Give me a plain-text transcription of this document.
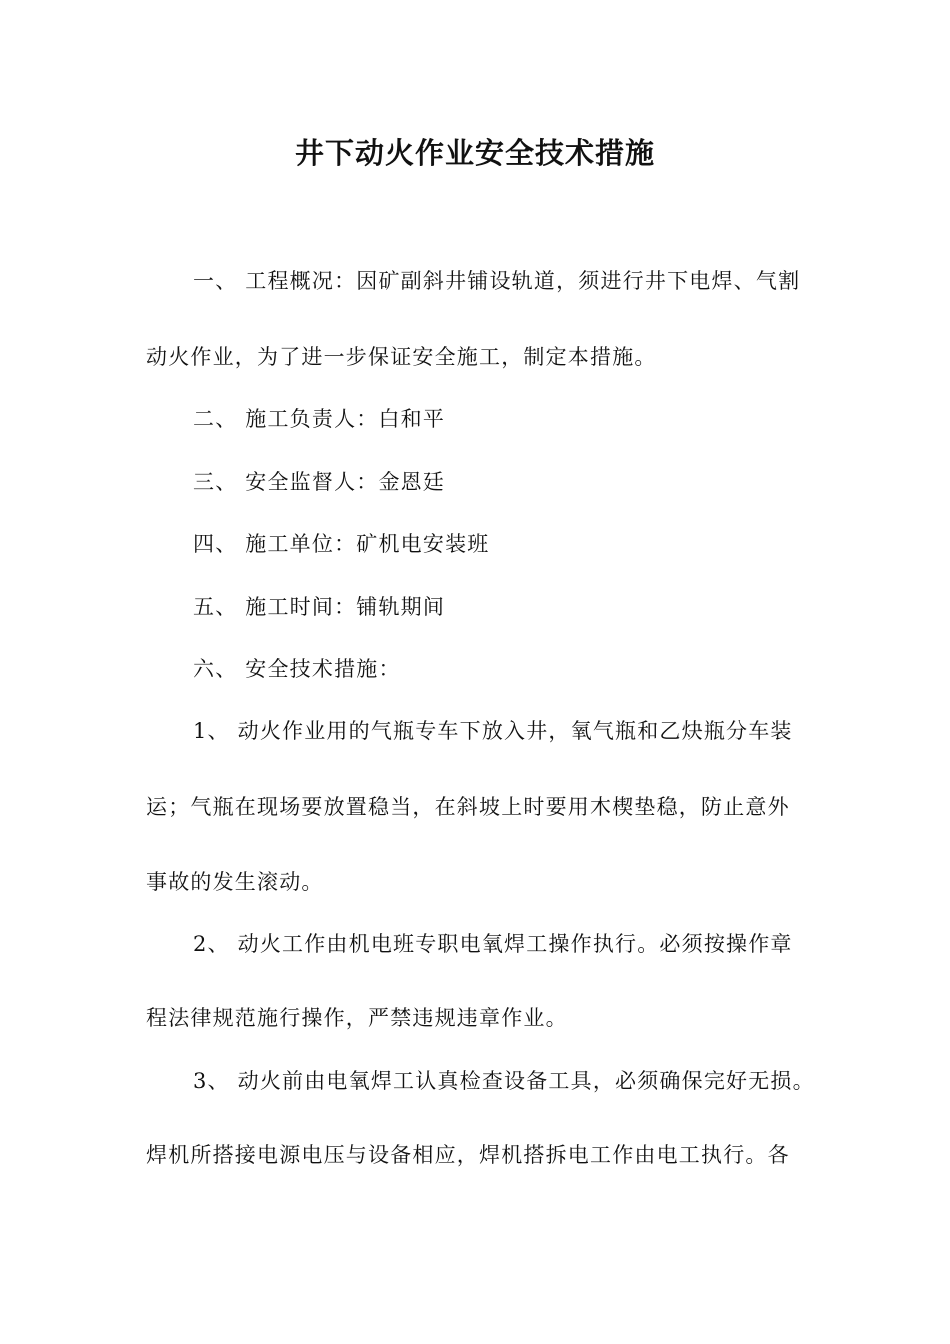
井下动火作业安全技术措施
一、 工程概况：因矿副斜井铺设轨道，须进行井下电焊、气割
动火作业，为了进一步保证安全施工，制定本措施。
二、 施工负责人：白和平
三、 安全监督人：金恩廷
四、 施工单位：矿机电安装班
五、 施工时间：铺轨期间
六、 安全技术措施：
1、 动火作业用的气瓶专车下放入井，氧气瓶和乙炔瓶分车装
运；气瓶在现场要放置稳当，在斜坡上时要用木楔垫稳，防止意外
事故的发生滚动。
2、 动火工作由机电班专职电氧焊工操作执行。必须按操作章
程法律规范施行操作，严禁违规违章作业。
3、 动火前由电氧焊工认真检查设备工具，必须确保完好无损。
焊机所搭接电源电压与设备相应，焊机搭拆电工作由电工执行。各
